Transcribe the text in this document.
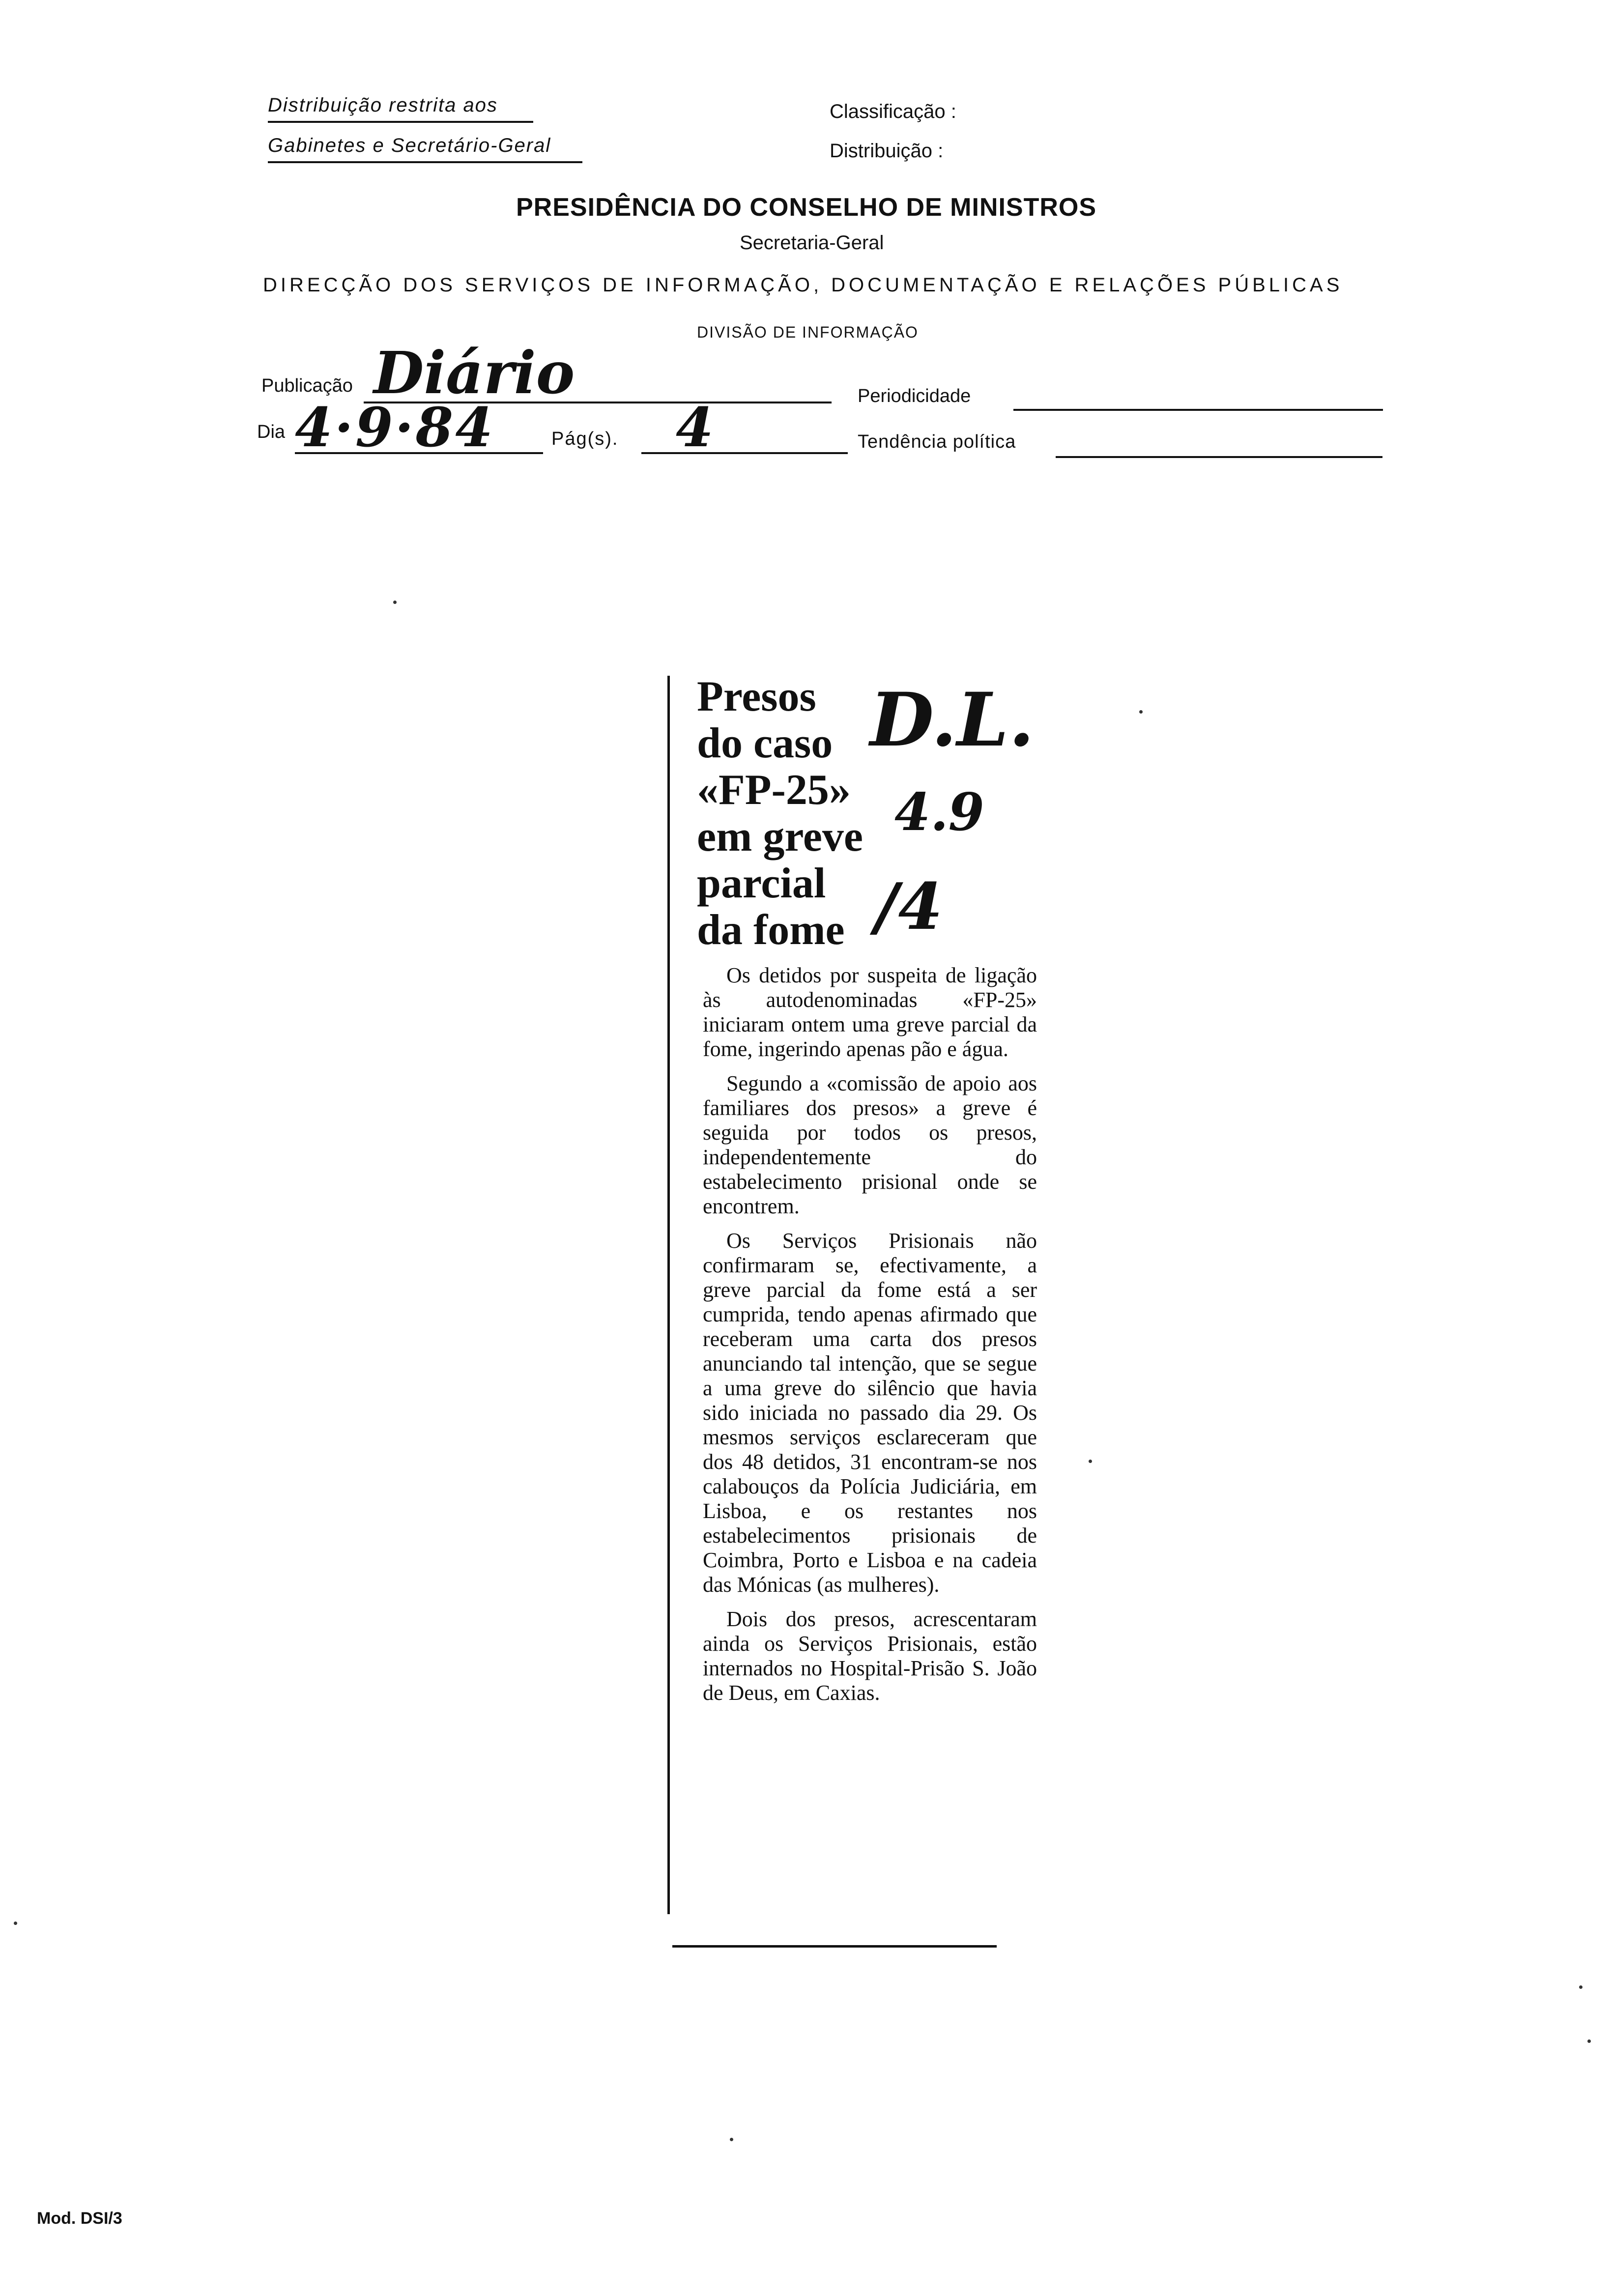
Distribuição restrita aos
Gabinetes e Secretário-Geral
Classificação :
Distribuição :
PRESIDÊNCIA DO CONSELHO DE MINISTROS
Secretaria-Geral
DIRECÇÃO DOS SERVIÇOS DE INFORMAÇÃO, DOCUMENTAÇÃO E RELAÇÕES PÚBLICAS
DIVISÃO DE INFORMAÇÃO
Publicação Diário	Periodicidade
Dia 4·9·84	Pág(s). 4	Tendência política
Presos
do caso
«FP-25»
em greve
parcial
da fome
D.L.
4.9
/4

Os detidos por suspeita de ligação às autodenominadas «FP-25» iniciaram ontem uma greve parcial da fome, ingerindo apenas pão e água.

Segundo a «comissão de apoio aos familiares dos presos» a greve é seguida por todos os presos, independentemente do estabelecimento prisional onde se encontrem.

Os Serviços Prisionais não confirmaram se, efectivamente, a greve parcial da fome está a ser cumprida, tendo apenas afirmado que receberam uma carta dos presos anunciando tal intenção, que se segue a uma greve do silêncio que havia sido iniciada no passado dia 29. Os mesmos serviços esclareceram que dos 48 detidos, 31 encontram-se nos calabouços da Polícia Judiciária, em Lisboa, e os restantes nos estabelecimentos prisionais de Coimbra, Porto e Lisboa e na cadeia das Mónicas (as mulheres).

Dois dos presos, acrescentaram ainda os Serviços Prisionais, estão internados no Hospital-Prisão S. João de Deus, em Caxias.

Mod. DSI/3
